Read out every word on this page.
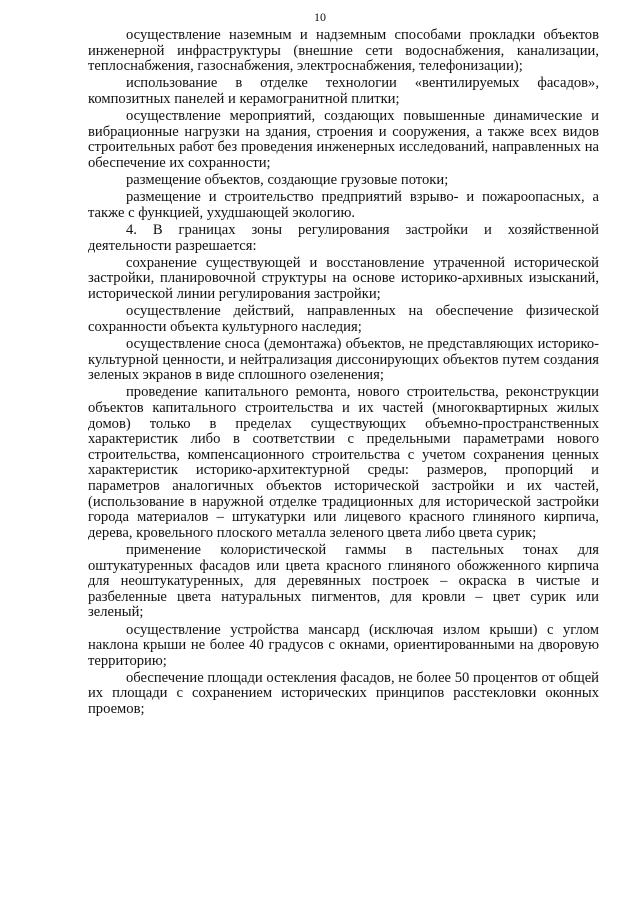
10

осуществление наземным и надземным способами прокладки объектов инженерной инфраструктуры (внешние сети водоснабжения, канализации, теплоснабжения, газоснабжения, электроснабжения, телефонизации);

использование в отделке технологии «вентилируемых фасадов», композитных панелей и керамогранитной плитки;

осуществление мероприятий, создающих повышенные динамические и вибрационные нагрузки на здания, строения и сооружения, а также всех видов строительных работ без проведения инженерных исследований, направленных на обеспечение их сохранности;

размещение объектов, создающие грузовые потоки;

размещение и строительство предприятий взрыво- и пожароопасных, а также с функцией, ухудшающей экологию.

4. В границах зоны регулирования застройки и хозяйственной деятельности разрешается:

сохранение существующей и восстановление утраченной исторической застройки, планировочной структуры на основе историко-архивных изысканий, исторической линии регулирования застройки;

осуществление действий, направленных на обеспечение физической сохранности объекта культурного наследия;

осуществление сноса (демонтажа) объектов, не представляющих историко-культурной ценности, и нейтрализация диссонирующих объектов путем создания зеленых экранов в виде сплошного озеленения;

проведение капитального ремонта, нового строительства, реконструкции объектов капитального строительства и их частей (многоквартирных жилых домов) только в пределах существующих объемно-пространственных характеристик либо в соответствии с предельными параметрами нового строительства, компенсационного строительства с учетом сохранения ценных характеристик историко-архитектурной среды: размеров, пропорций и параметров аналогичных объектов исторической застройки и их частей, (использование в наружной отделке традиционных для исторической застройки города материалов – штукатурки или лицевого красного глиняного кирпича, дерева, кровельного плоского металла зеленого цвета либо цвета сурик;

применение колористической гаммы в пастельных тонах для оштукатуренных фасадов или цвета красного глиняного обожженного кирпича для неоштукатуренных, для деревянных построек – окраска в чистые и разбеленные цвета натуральных пигментов, для кровли – цвет сурик или зеленый;

осуществление устройства мансард (исключая излом крыши) с углом наклона крыши не более 40 градусов с окнами, ориентированными на дворовую территорию;

обеспечение площади остекления фасадов, не более 50 процентов от общей их площади с сохранением исторических принципов расстекловки оконных проемов;
